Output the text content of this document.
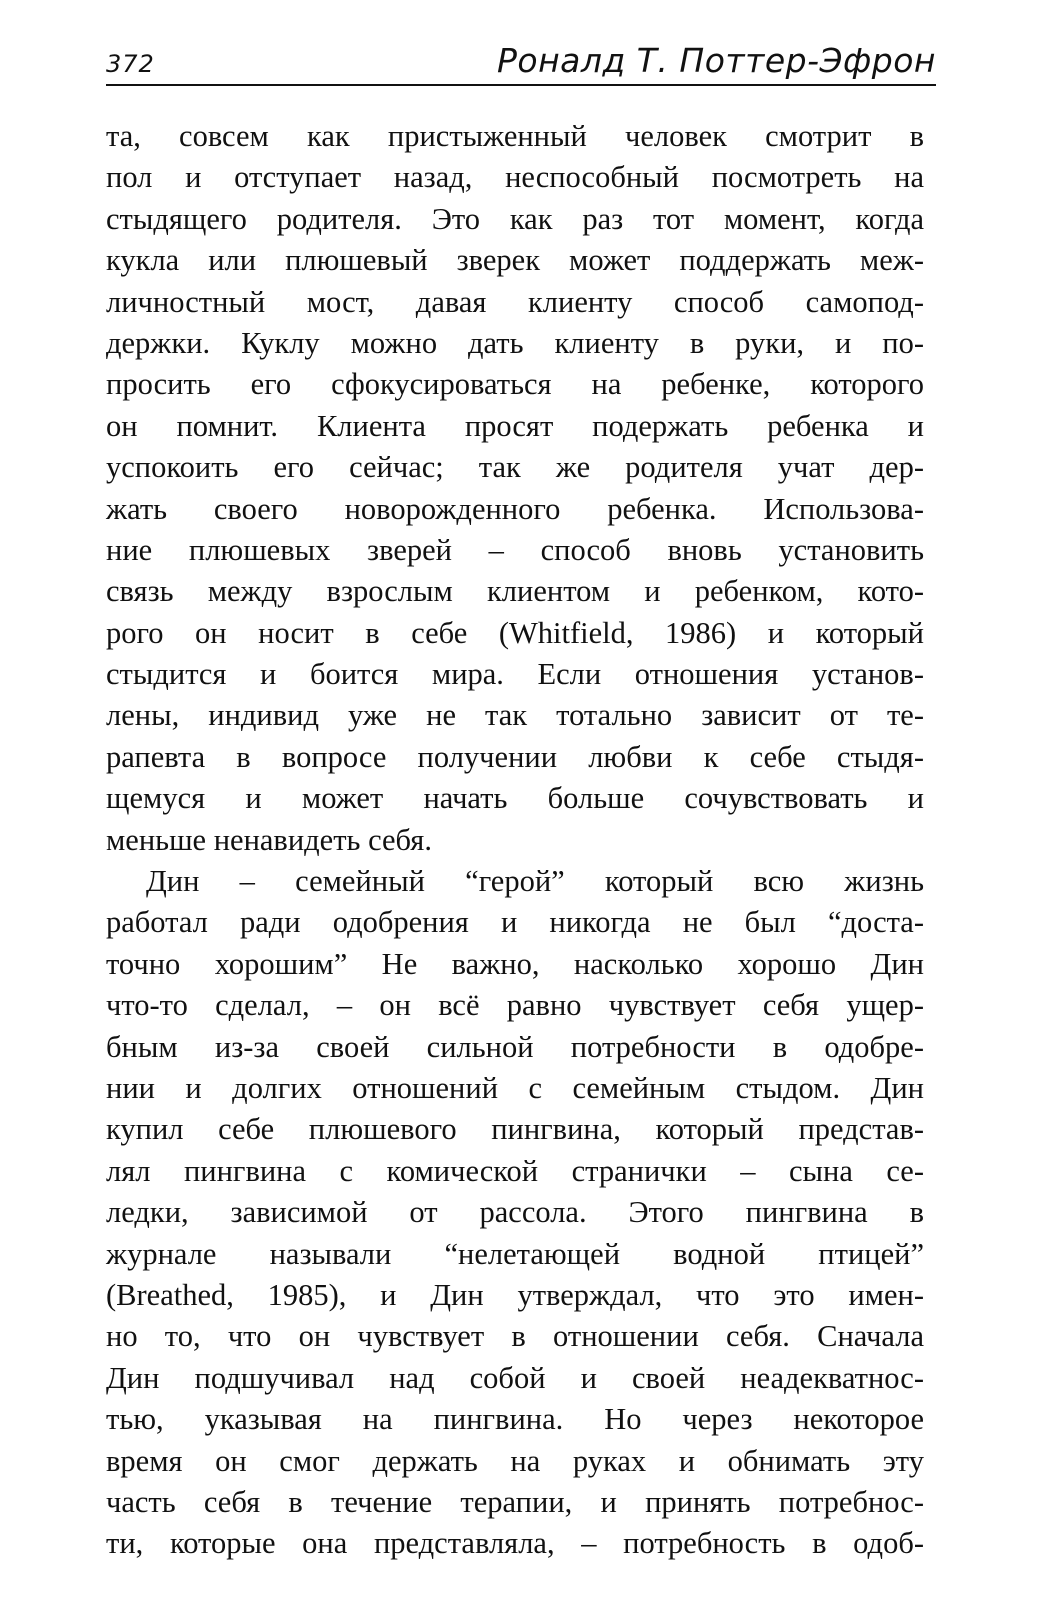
372	Роналд Т. Поттер-Эфрон
та, совсем как пристыженный человек смотрит в
пол и отступает назад, неспособный посмотреть на
стыдящего родителя. Это как раз тот момент, когда
кукла или плюшевый зверек может поддержать меж-
личностный мост, давая клиенту способ самопод-
держки. Куклу можно дать клиенту в руки, и по-
просить его сфокусироваться на ребенке, которого
он помнит. Клиента просят подержать ребенка и
успокоить его сейчас; так же родителя учат дер-
жать своего новорожденного ребенка. Использова-
ние плюшевых зверей – способ вновь установить
связь между взрослым клиентом и ребенком, кото-
рого он носит в себе (Whitfield, 1986) и который
стыдится и боится мира. Если отношения установ-
лены, индивид уже не так тотально зависит от те-
рапевта в вопросе получении любви к себе стыдя-
щемуся и может начать больше сочувствовать и
меньше ненавидеть себя.
Дин – семейный “герой” который всю жизнь
работал ради одобрения и никогда не был “доста-
точно хорошим” Не важно, насколько хорошо Дин
что-то сделал, – он всё равно чувствует себя ущер-
бным из-за своей сильной потребности в одобре-
нии и долгих отношений с семейным стыдом. Дин
купил себе плюшевого пингвина, который представ-
лял пингвина с комической странички – сына се-
ледки, зависимой от рассола. Этого пингвина в
журнале называли “нелетающей водной птицей”
(Breathed, 1985), и Дин утверждал, что это имен-
но то, что он чувствует в отношении себя. Сначала
Дин подшучивал над собой и своей неадекватнос-
тью, указывая на пингвина. Но через некоторое
время он смог держать на руках и обнимать эту
часть себя в течение терапии, и принять потребнос-
ти, которые она представляла, – потребность в одоб-
